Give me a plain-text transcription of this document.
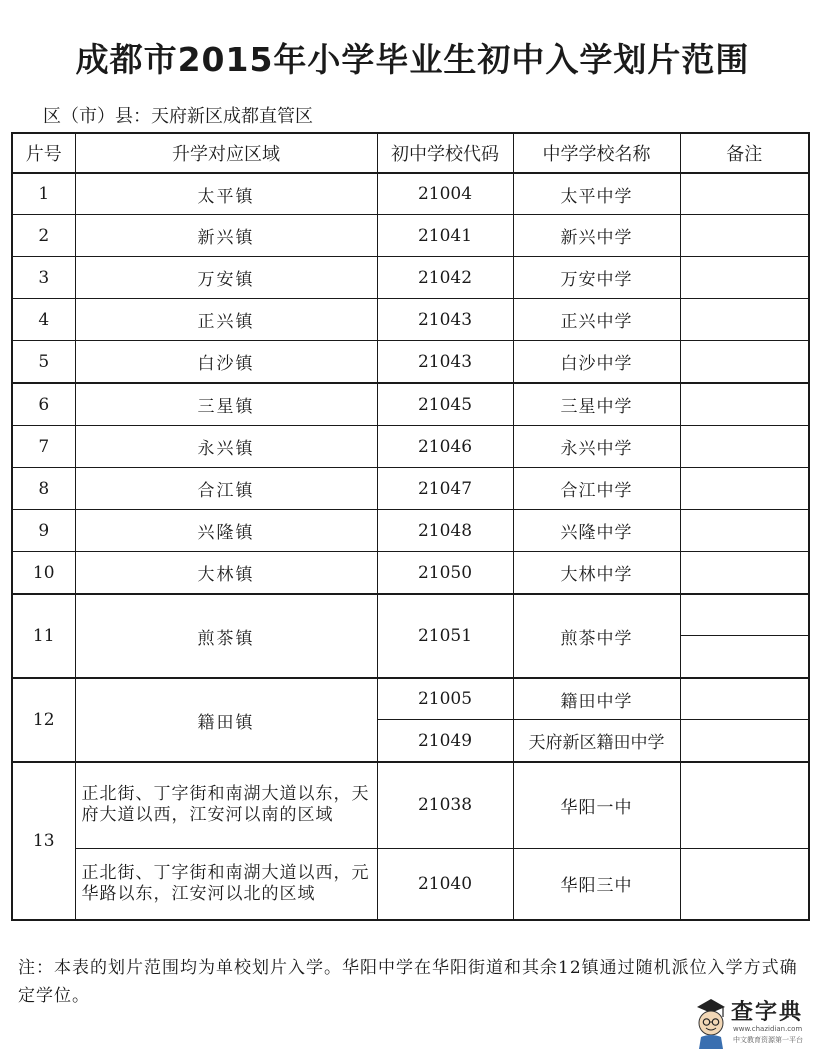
成都市2015年小学毕业生初中入学划片范围
区（市）县：天府新区成都直管区
片号	升学对应区域	初中学校代码	中学学校名称	备注
1	太平镇	21004	太平中学	
2	新兴镇	21041	新兴中学	
3	万安镇	21042	万安中学	
4	正兴镇	21043	正兴中学	
5	白沙镇	21043	白沙中学	
6	三星镇	21045	三星中学	
7	永兴镇	21046	永兴中学	
8	合江镇	21047	合江中学	
9	兴隆镇	21048	兴隆中学	
10	大林镇	21050	大林中学	
11	煎茶镇	21051	煎茶中学	

12	籍田镇	21005	籍田中学	
		21049	天府新区籍田中学	
13	正北街、丁字街和南湖大道以东，天府大道以西，江安河以南的区域	21038	华阳一中	
	正北街、丁字街和南湖大道以西，元华路以东，江安河以北的区域	21040	华阳三中	
注：本表的划片范围均为单校划片入学。华阳中学在华阳街道和其余12镇通过随机派位入学方式确定学位。
查字典
www.chazidian.com
中文教育资源第一平台
